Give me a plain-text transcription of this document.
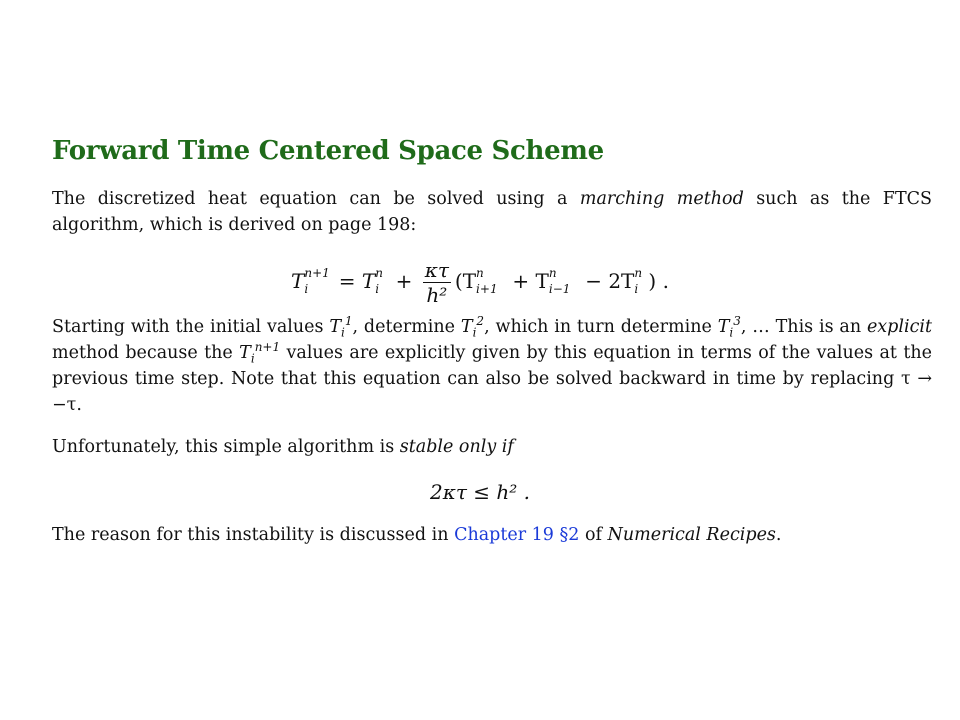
Forward Time Centered Space Scheme
The discretized heat equation can be solved using a marching method such as the FTCS algorithm, which is derived on page 198:
T n+1
i = T n
$i + \frac{\kappa\tau}{\text{h²}} (T$ n
i+1 + T n
i−1 − 2T n
i ) .
Starting with the initial values $T_i^1$, determine $T_i^2$, which in turn determine $T_i^3$, … This is an explicit method because the $T_i^{n+1}$ values are explicitly given by this equation in terms of the values at the previous time step. Note that this equation can also be solved backward in time by replacing τ → −τ.
Unfortunately, this simple algorithm is stable only if
2κτ ≤ h² .
The reason for this instability is discussed in Chapter 19 §2 of Numerical Recipes.
